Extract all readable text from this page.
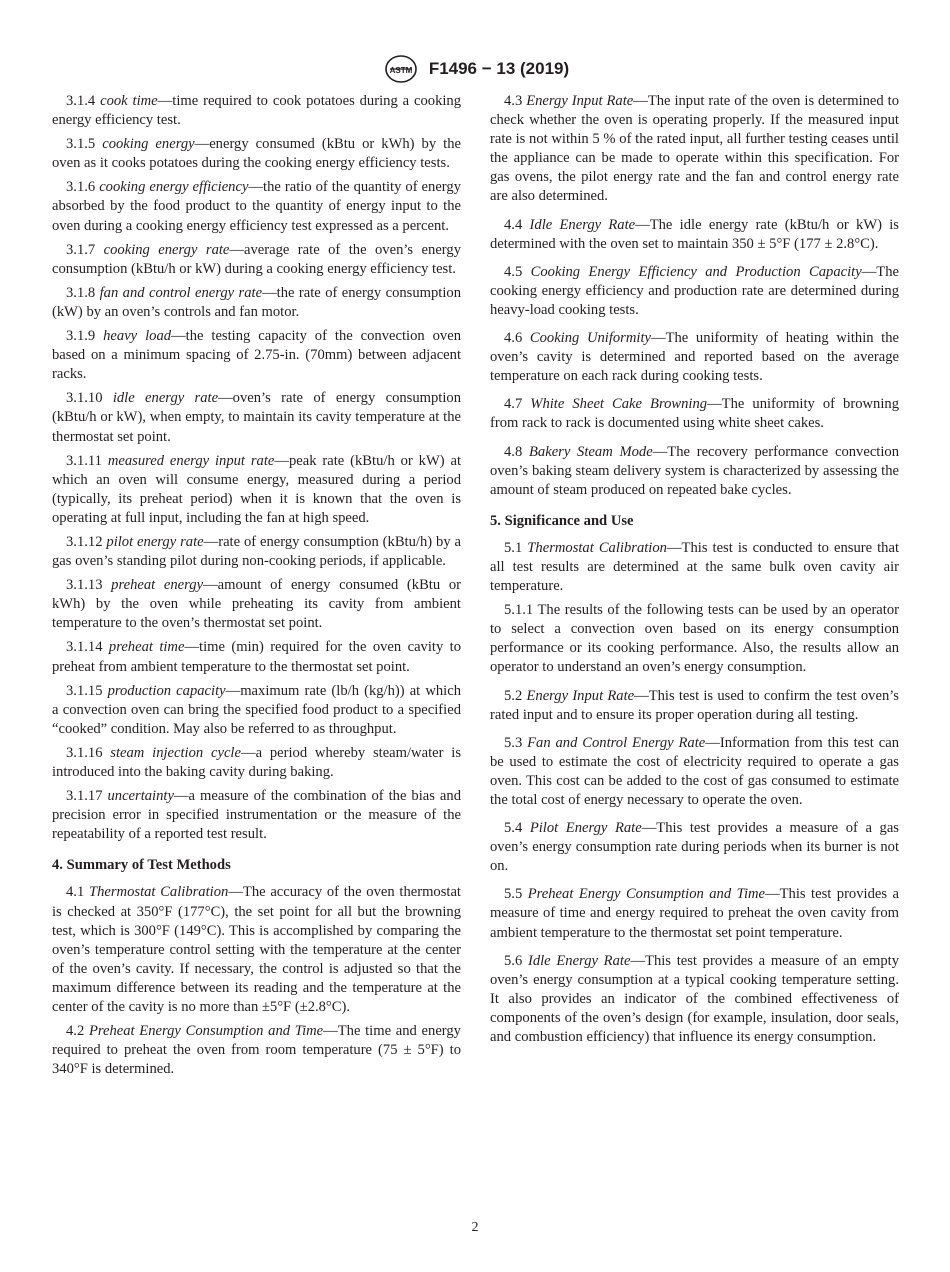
ASTM F1496 − 13 (2019)

3.1.4 cook time—time required to cook potatoes during a cooking energy efficiency test.

3.1.5 cooking energy—energy consumed (kBtu or kWh) by the oven as it cooks potatoes during the cooking energy efficiency tests.

3.1.6 cooking energy efficiency—the ratio of the quantity of energy absorbed by the food product to the quantity of energy input to the oven during a cooking energy efficiency test expressed as a percent.

3.1.7 cooking energy rate—average rate of the oven’s energy consumption (kBtu/h or kW) during a cooking energy efficiency test.

3.1.8 fan and control energy rate—the rate of energy consumption (kW) by an oven’s controls and fan motor.

3.1.9 heavy load—the testing capacity of the convection oven based on a minimum spacing of 2.75-in. (70mm) between adjacent racks.

3.1.10 idle energy rate—oven’s rate of energy consumption (kBtu/h or kW), when empty, to maintain its cavity temperature at the thermostat set point.

3.1.11 measured energy input rate—peak rate (kBtu/h or kW) at which an oven will consume energy, measured during a period (typically, its preheat period) when it is known that the oven is operating at full input, including the fan at high speed.

3.1.12 pilot energy rate—rate of energy consumption (kBtu/h) by a gas oven’s standing pilot during non-cooking periods, if applicable.

3.1.13 preheat energy—amount of energy consumed (kBtu or kWh) by the oven while preheating its cavity from ambient temperature to the oven’s thermostat set point.

3.1.14 preheat time—time (min) required for the oven cavity to preheat from ambient temperature to the thermostat set point.

3.1.15 production capacity—maximum rate (lb/h (kg/h)) at which a convection oven can bring the specified food product to a specified “cooked” condition. May also be referred to as throughput.

3.1.16 steam injection cycle—a period whereby steam/water is introduced into the baking cavity during baking.

3.1.17 uncertainty—a measure of the combination of the bias and precision error in specified instrumentation or the measure of the repeatability of a reported test result.

4. Summary of Test Methods

4.1 Thermostat Calibration—The accuracy of the oven thermostat is checked at 350°F (177°C), the set point for all but the browning test, which is 300°F (149°C). This is accomplished by comparing the oven’s temperature control setting with the temperature at the center of the oven’s cavity. If necessary, the control is adjusted so that the maximum difference between its reading and the temperature at the center of the cavity is no more than ±5°F (±2.8°C).

4.2 Preheat Energy Consumption and Time—The time and energy required to preheat the oven from room temperature (75 ± 5°F) to 340°F is determined.

4.3 Energy Input Rate—The input rate of the oven is determined to check whether the oven is operating properly. If the measured input rate is not within 5 % of the rated input, all further testing ceases until the appliance can be made to operate within this specification. For gas ovens, the pilot energy rate and the fan and control energy rate are also determined.

4.4 Idle Energy Rate—The idle energy rate (kBtu/h or kW) is determined with the oven set to maintain 350 ± 5°F (177 ± 2.8°C).

4.5 Cooking Energy Efficiency and Production Capacity—The cooking energy efficiency and production rate are determined during heavy-load cooking tests.

4.6 Cooking Uniformity—The uniformity of heating within the oven’s cavity is determined and reported based on the average temperature on each rack during cooking tests.

4.7 White Sheet Cake Browning—The uniformity of browning from rack to rack is documented using white sheet cakes.

4.8 Bakery Steam Mode—The recovery performance convection oven’s baking steam delivery system is characterized by assessing the amount of steam produced on repeated bake cycles.

5. Significance and Use

5.1 Thermostat Calibration—This test is conducted to ensure that all test results are determined at the same bulk oven cavity air temperature.

5.1.1 The results of the following tests can be used by an operator to select a convection oven based on its energy consumption performance or its cooking performance. Also, the results allow an operator to understand an oven’s energy consumption.

5.2 Energy Input Rate—This test is used to confirm the test oven’s rated input and to ensure its proper operation during all testing.

5.3 Fan and Control Energy Rate—Information from this test can be used to estimate the cost of electricity required to operate a gas oven. This cost can be added to the cost of gas consumed to estimate the total cost of energy necessary to operate the oven.

5.4 Pilot Energy Rate—This test provides a measure of a gas oven’s energy consumption rate during periods when its burner is not on.

5.5 Preheat Energy Consumption and Time—This test provides a measure of time and energy required to preheat the oven cavity from ambient temperature to the thermostat set point temperature.

5.6 Idle Energy Rate—This test provides a measure of an empty oven’s energy consumption at a typical cooking temperature setting. It also provides an indicator of the combined effectiveness of components of the oven’s design (for example, insulation, door seals, and combustion efficiency) that influence its energy consumption.

2
